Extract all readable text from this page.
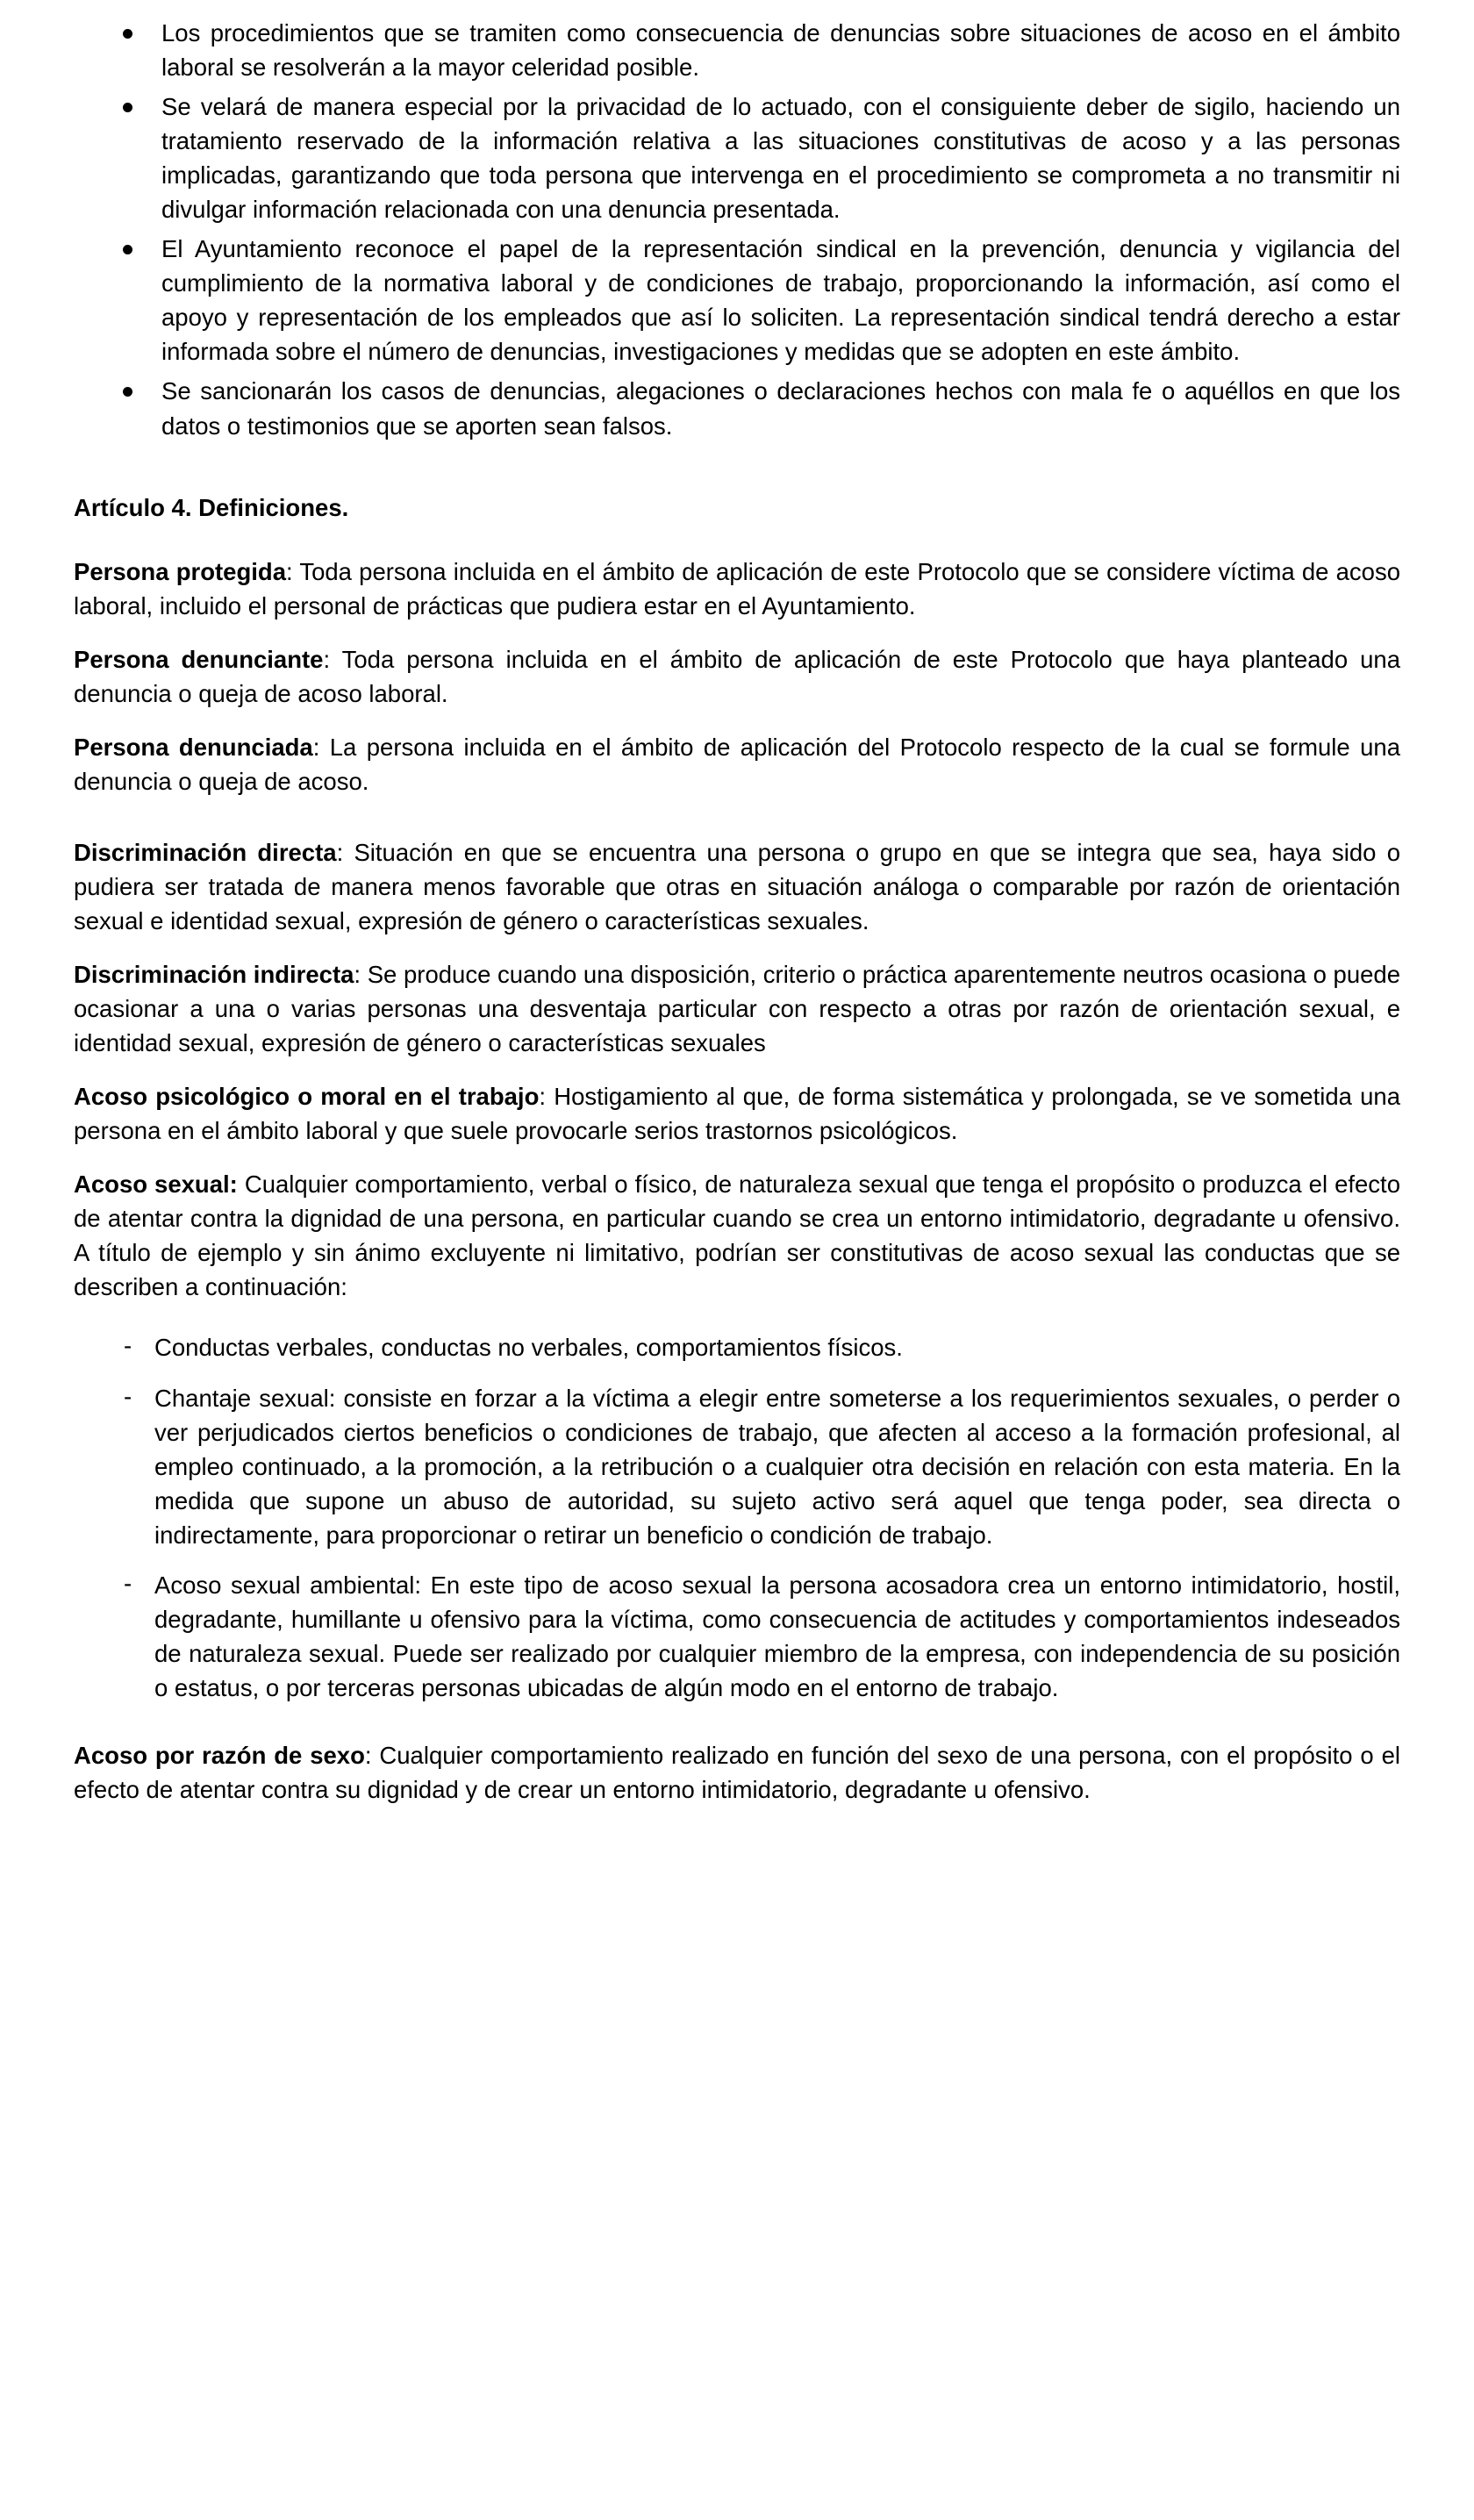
Los procedimientos que se tramiten como consecuencia de denuncias sobre situaciones de acoso en el ámbito laboral se resolverán a la mayor celeridad posible.
Se velará de manera especial por la privacidad de lo actuado, con el consiguiente deber de sigilo, haciendo un tratamiento reservado de la información relativa a las situaciones constitutivas de acoso y a las personas implicadas, garantizando que toda persona que intervenga en el procedimiento se comprometa a no transmitir ni divulgar información relacionada con una denuncia presentada.
El Ayuntamiento reconoce el papel de la representación sindical en la prevención, denuncia y vigilancia del cumplimiento de la normativa laboral y de condiciones de trabajo, proporcionando la información, así como el apoyo y representación de los empleados que así lo soliciten. La representación sindical tendrá derecho a estar informada sobre el número de denuncias, investigaciones y medidas que se adopten en este ámbito.
Se sancionarán los casos de denuncias, alegaciones o declaraciones hechos con mala fe o aquéllos en que los datos o testimonios que se aporten sean falsos.
Artículo 4. Definiciones.

Persona protegida: Toda persona incluida en el ámbito de aplicación de este Protocolo que se considere víctima de acoso laboral, incluido el personal de prácticas que pudiera estar en el Ayuntamiento.

Persona denunciante: Toda persona incluida en el ámbito de aplicación de este Protocolo que haya planteado una denuncia o queja de acoso laboral.

Persona denunciada: La persona incluida en el ámbito de aplicación del Protocolo respecto de la cual se formule una denuncia o queja de acoso.

Discriminación directa: Situación en que se encuentra una persona o grupo en que se integra que sea, haya sido o pudiera ser tratada de manera menos favorable que otras en situación análoga o comparable por razón de orientación sexual e identidad sexual, expresión de género o características sexuales.

Discriminación indirecta: Se produce cuando una disposición, criterio o práctica aparentemente neutros ocasiona o puede ocasionar a una o varias personas una desventaja particular con respecto a otras por razón de orientación sexual, e identidad sexual, expresión de género o características sexuales

Acoso psicológico o moral en el trabajo: Hostigamiento al que, de forma sistemática y prolongada, se ve sometida una persona en el ámbito laboral y que suele provocarle serios trastornos psicológicos.

Acoso sexual: Cualquier comportamiento, verbal o físico, de naturaleza sexual que tenga el propósito o produzca el efecto de atentar contra la dignidad de una persona, en particular cuando se crea un entorno intimidatorio, degradante u ofensivo. A título de ejemplo y sin ánimo excluyente ni limitativo, podrían ser constitutivas de acoso sexual las conductas que se describen a continuación:

- Conductas verbales, conductas no verbales, comportamientos físicos.
- Chantaje sexual: consiste en forzar a la víctima a elegir entre someterse a los requerimientos sexuales, o perder o ver perjudicados ciertos beneficios o condiciones de trabajo, que afecten al acceso a la formación profesional, al empleo continuado, a la promoción, a la retribución o a cualquier otra decisión en relación con esta materia. En la medida que supone un abuso de autoridad, su sujeto activo será aquel que tenga poder, sea directa o indirectamente, para proporcionar o retirar un beneficio o condición de trabajo.
- Acoso sexual ambiental: En este tipo de acoso sexual la persona acosadora crea un entorno intimidatorio, hostil, degradante, humillante u ofensivo para la víctima, como consecuencia de actitudes y comportamientos indeseados de naturaleza sexual. Puede ser realizado por cualquier miembro de la empresa, con independencia de su posición o estatus, o por terceras personas ubicadas de algún modo en el entorno de trabajo.

Acoso por razón de sexo: Cualquier comportamiento realizado en función del sexo de una persona, con el propósito o el efecto de atentar contra su dignidad y de crear un entorno intimidatorio, degradante u ofensivo.
